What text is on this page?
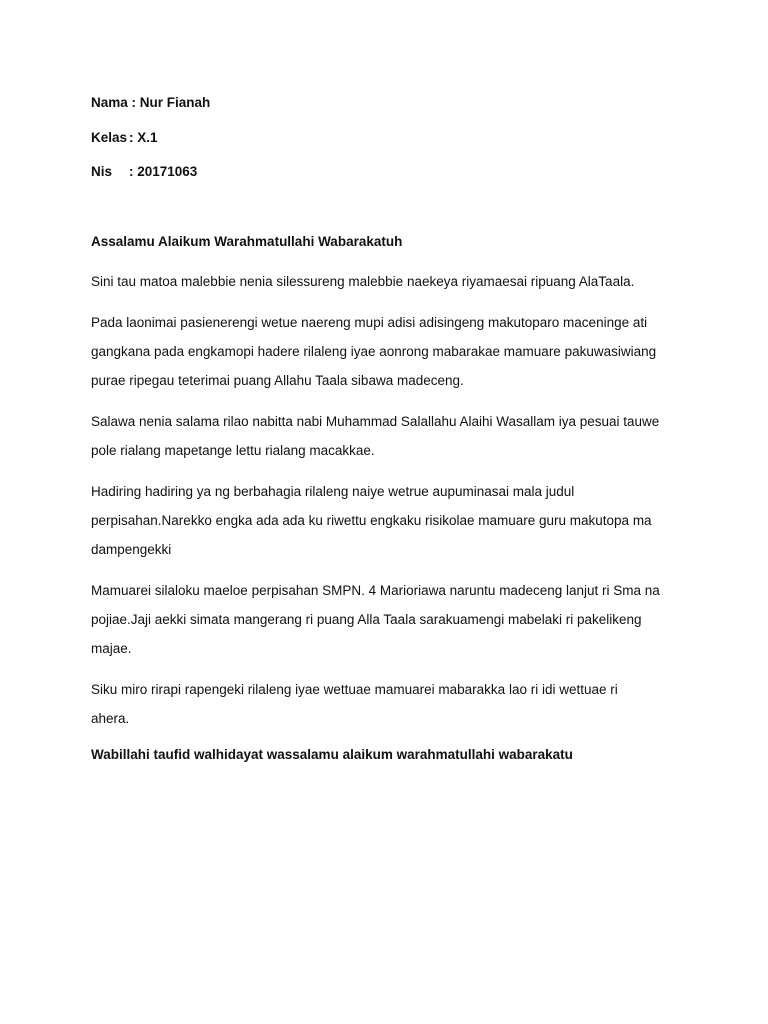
Nama : Nur Fianah
Kelas : X.1
Nis : 20171063
Assalamu Alaikum Warahmatullahi Wabarakatuh
Sini tau matoa malebbie nenia silessureng malebbie naekeya riyamaesai ripuang AlaTaala.
Pada laonimai pasienerengi wetue naereng mupi adisi adisingeng makutoparo maceninge ati
gangkana pada engkamopi hadere rilaleng iyae aonrong mabarakae mamuare pakuwasiwiang
purae ripegau teterimai puang Allahu Taala sibawa madeceng.
Salawa nenia salama rilao nabitta nabi Muhammad Salallahu Alaihi Wasallam iya pesuai tauwe
pole rialang mapetange lettu rialang macakkae.
Hadiring hadiring ya ng berbahagia rilaleng naiye wetrue aupuminasai mala judul
perpisahan.Narekko engka ada ada ku riwettu engkaku risikolae mamuare guru makutopa ma
dampengekki
Mamuarei silaloku maeloe perpisahan SMPN. 4 Marioriawa naruntu madeceng lanjut ri Sma na
pojiae.Jaji aekki simata mangerang ri puang Alla Taala sarakuamengi mabelaki ri pakelikeng
majae.
Siku miro rirapi rapengeki rilaleng iyae wettuae mamuarei mabarakka lao ri idi wettuae ri
ahera.
Wabillahi taufid walhidayat wassalamu alaikum warahmatullahi wabarakatu
